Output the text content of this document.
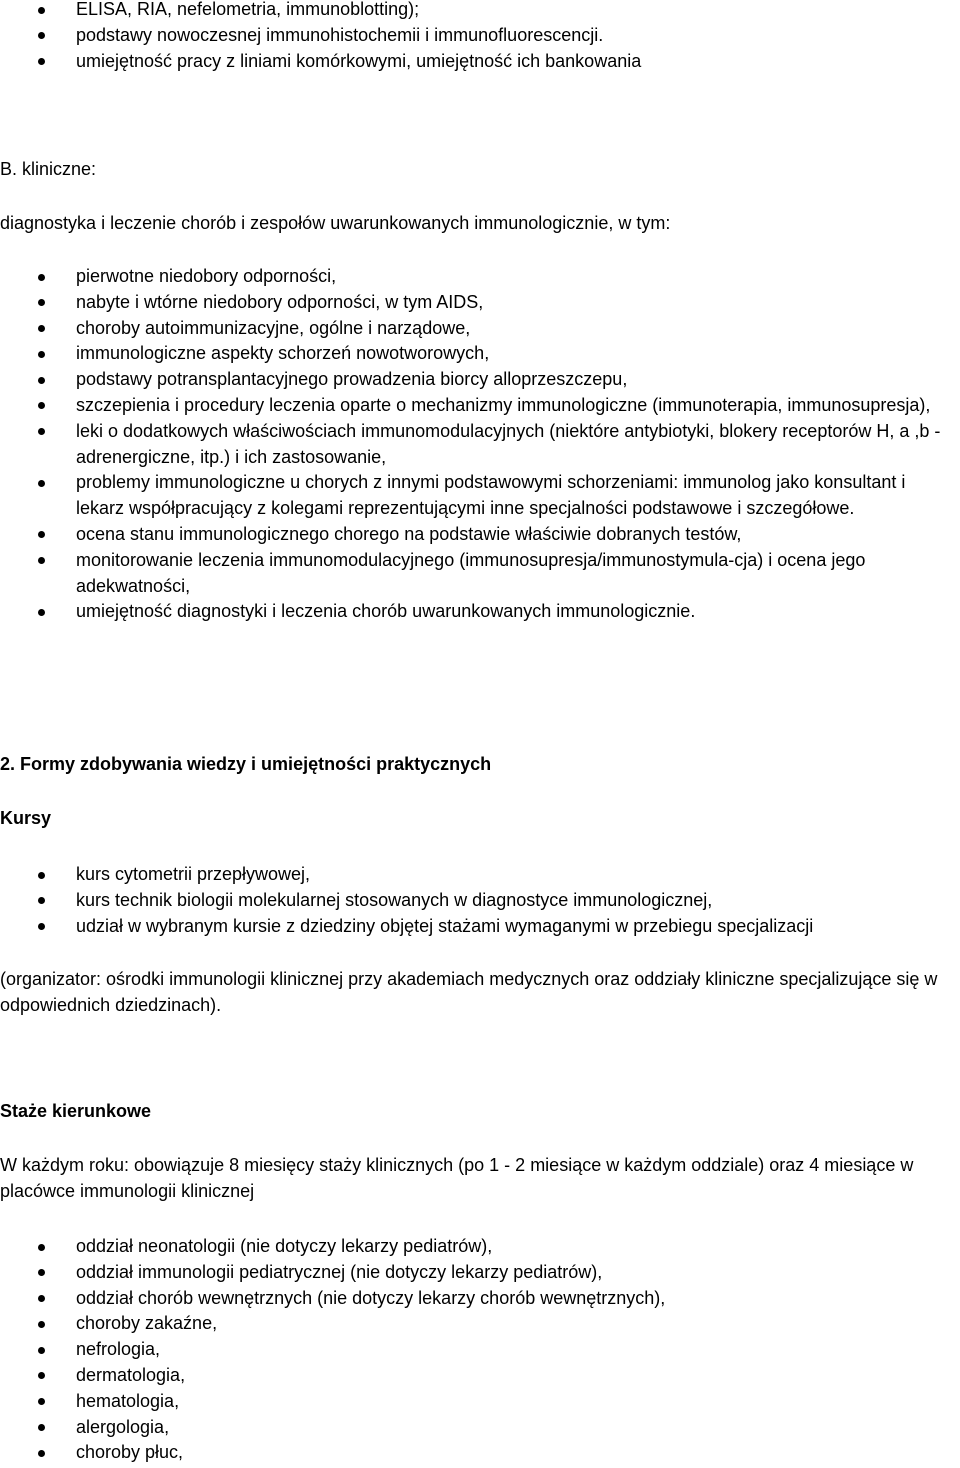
ELISA, RIA, nefelometria, immunoblotting);
podstawy nowoczesnej immunohistochemii i immunofluorescencji.
umiejętność pracy z liniami komórkowymi, umiejętność ich bankowania

B. kliniczne:

diagnostyka i leczenie chorób i zespołów uwarunkowanych immunologicznie, w tym:

pierwotne niedobory odporności,
nabyte i wtórne niedobory odporności, w tym AIDS,
choroby autoimmunizacyjne, ogólne i narządowe,
immunologiczne aspekty schorzeń nowotworowych,
podstawy potransplantacyjnego prowadzenia biorcy alloprzeszczepu,
szczepienia i procedury leczenia oparte o mechanizmy immunologiczne (immunoterapia, immunosupresja),
leki o dodatkowych właściwościach immunomodulacyjnych (niektóre antybiotyki, blokery receptorów H, a ,b - adrenergiczne, itp.) i ich zastosowanie,
problemy immunologiczne u chorych z innymi podstawowymi schorzeniami: immunolog jako konsultant i lekarz współpracujący z kolegami reprezentującymi inne specjalności podstawowe i szczegółowe.
ocena stanu immunologicznego chorego na podstawie właściwie dobranych testów,
monitorowanie leczenia immunomodulacyjnego (immunosupresja/immunostymula-cja) i ocena jego adekwatności,
umiejętność diagnostyki i leczenia chorób uwarunkowanych immunologicznie.

2. Formy zdobywania wiedzy i umiejętności praktycznych

Kursy

kurs cytometrii przepływowej,
kurs technik biologii molekularnej stosowanych w diagnostyce immunologicznej,
udział w wybranym kursie z dziedziny objętej stażami wymaganymi w przebiegu specjalizacji

(organizator: ośrodki immunologii klinicznej przy akademiach medycznych oraz oddziały kliniczne specjalizujące się w odpowiednich dziedzinach).

Staże kierunkowe

W każdym roku: obowiązuje 8 miesięcy staży klinicznych (po 1 - 2 miesiące w każdym oddziale) oraz 4 miesiące w placówce immunologii klinicznej

oddział neonatologii (nie dotyczy lekarzy pediatrów),
oddział immunologii pediatrycznej (nie dotyczy lekarzy pediatrów),
oddział chorób wewnętrznych (nie dotyczy lekarzy chorób wewnętrznych),
choroby zakaźne,
nefrologia,
dermatologia,
hematologia,
alergologia,
choroby płuc,
